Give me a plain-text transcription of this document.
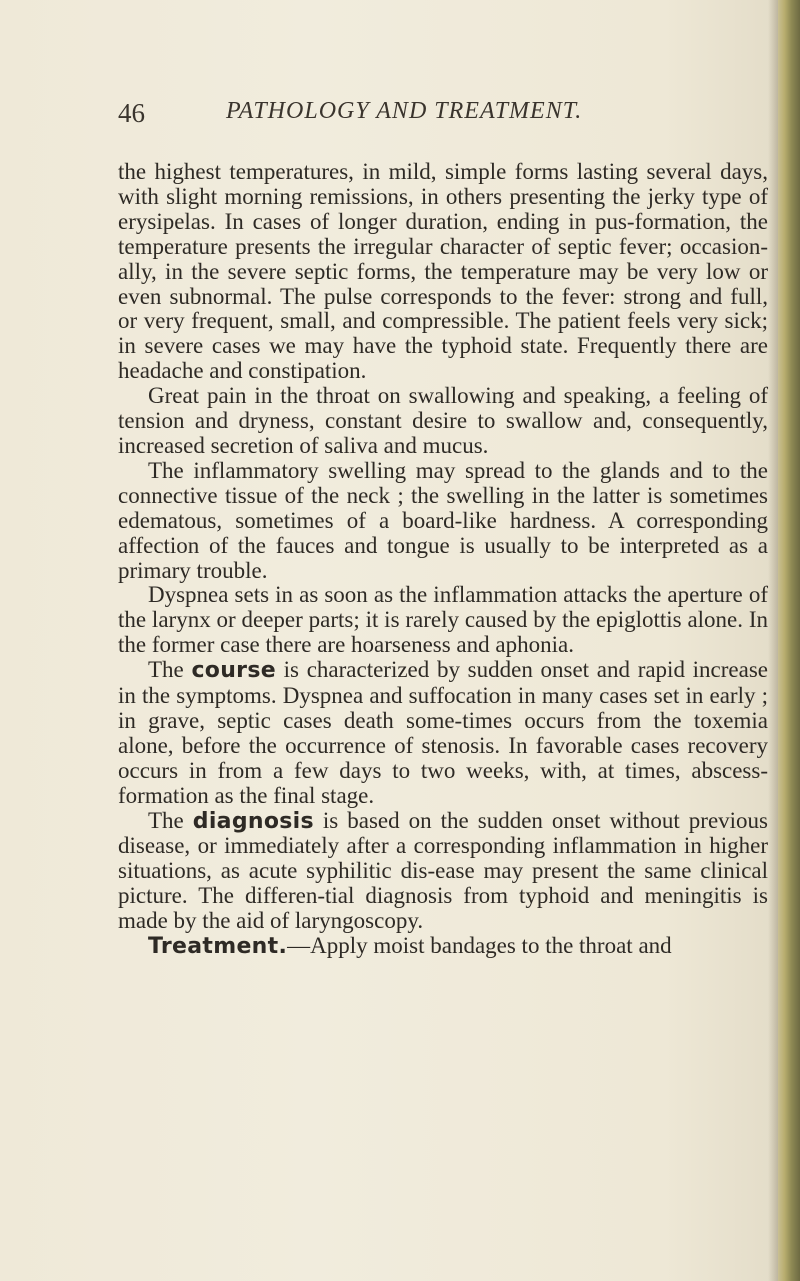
46	PATHOLOGY AND TREATMENT.

the highest temperatures, in mild, simple forms lasting several days, with slight morning remissions, in others presenting the jerky type of erysipelas. In cases of longer duration, ending in pus-formation, the temperature presents the irregular character of septic fever; occasion-ally, in the severe septic forms, the temperature may be very low or even subnormal. The pulse corresponds to the fever: strong and full, or very frequent, small, and compressible. The patient feels very sick; in severe cases we may have the typhoid state. Frequently there are headache and constipation.

Great pain in the throat on swallowing and speaking, a feeling of tension and dryness, constant desire to swallow and, consequently, increased secretion of saliva and mucus.

The inflammatory swelling may spread to the glands and to the connective tissue of the neck ; the swelling in the latter is sometimes edematous, sometimes of a board-like hardness. A corresponding affection of the fauces and tongue is usually to be interpreted as a primary trouble.

Dyspnea sets in as soon as the inflammation attacks the aperture of the larynx or deeper parts; it is rarely caused by the epiglottis alone. In the former case there are hoarseness and aphonia.

The course is characterized by sudden onset and rapid increase in the symptoms. Dyspnea and suffocation in many cases set in early ; in grave, septic cases death some-times occurs from the toxemia alone, before the occurrence of stenosis. In favorable cases recovery occurs in from a few days to two weeks, with, at times, abscess-formation as the final stage.

The diagnosis is based on the sudden onset without previous disease, or immediately after a corresponding inflammation in higher situations, as acute syphilitic dis-ease may present the same clinical picture. The differen-tial diagnosis from typhoid and meningitis is made by the aid of laryngoscopy.

Treatment.—Apply moist bandages to the throat and
